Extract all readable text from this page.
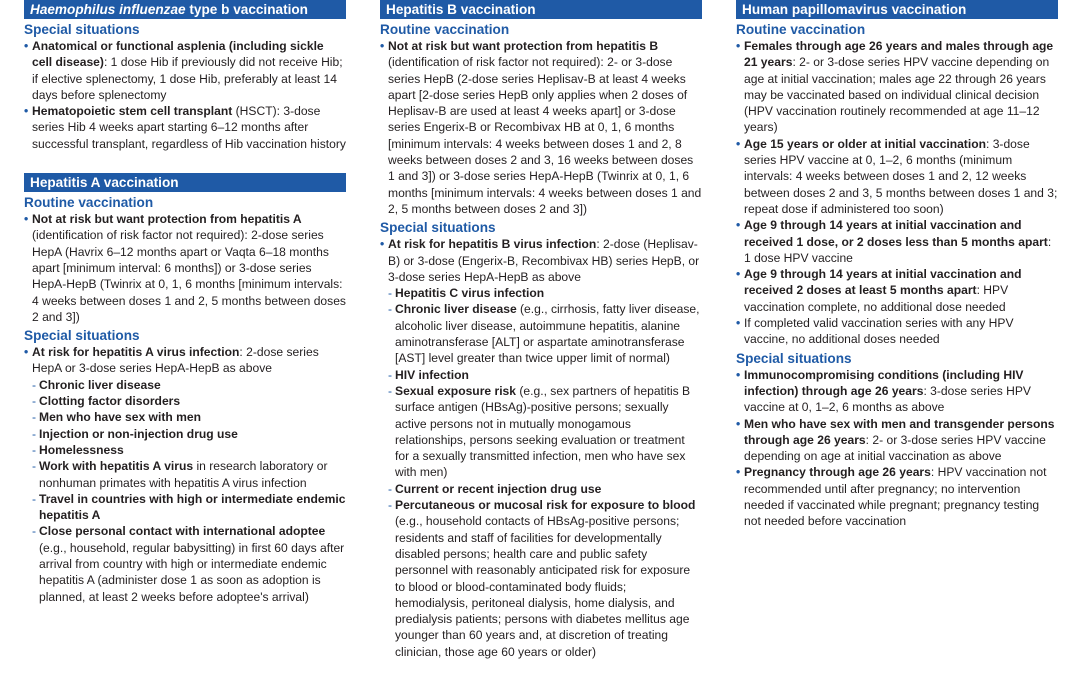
Haemophilus influenzae type b vaccination
Special situations
• Anatomical or functional asplenia (including sickle cell disease): 1 dose Hib if previously did not receive Hib; if elective splenectomy, 1 dose Hib, preferably at least 14 days before splenectomy
• Hematopoietic stem cell transplant (HSCT): 3-dose series Hib 4 weeks apart starting 6–12 months after successful transplant, regardless of Hib vaccination history
Hepatitis A vaccination
Routine vaccination
• Not at risk but want protection from hepatitis A (identification of risk factor not required): 2-dose series HepA (Havrix 6–12 months apart or Vaqta 6–18 months apart [minimum interval: 6 months]) or 3-dose series HepA-HepB (Twinrix at 0, 1, 6 months [minimum intervals: 4 weeks between doses 1 and 2, 5 months between doses 2 and 3])
Special situations
• At risk for hepatitis A virus infection: 2-dose series HepA or 3-dose series HepA-HepB as above
- Chronic liver disease
- Clotting factor disorders
- Men who have sex with men
- Injection or non-injection drug use
- Homelessness
- Work with hepatitis A virus in research laboratory or nonhuman primates with hepatitis A virus infection
- Travel in countries with high or intermediate endemic hepatitis A
- Close personal contact with international adoptee (e.g., household, regular babysitting) in first 60 days after arrival from country with high or intermediate endemic hepatitis A (administer dose 1 as soon as adoption is planned, at least 2 weeks before adoptee's arrival)
Hepatitis B vaccination
Routine vaccination
• Not at risk but want protection from hepatitis B (identification of risk factor not required): 2- or 3-dose series HepB (2-dose series Heplisav-B at least 4 weeks apart [2-dose series HepB only applies when 2 doses of Heplisav-B are used at least 4 weeks apart] or 3-dose series Engerix-B or Recombivax HB at 0, 1, 6 months [minimum intervals: 4 weeks between doses 1 and 2, 8 weeks between doses 2 and 3, 16 weeks between doses 1 and 3]) or 3-dose series HepA-HepB (Twinrix at 0, 1, 6 months [minimum intervals: 4 weeks between doses 1 and 2, 5 months between doses 2 and 3])
Special situations
• At risk for hepatitis B virus infection: 2-dose (Heplisav-B) or 3-dose (Engerix-B, Recombivax HB) series HepB, or 3-dose series HepA-HepB as above
- Hepatitis C virus infection
- Chronic liver disease (e.g., cirrhosis, fatty liver disease, alcoholic liver disease, autoimmune hepatitis, alanine aminotransferase [ALT] or aspartate aminotransferase [AST] level greater than twice upper limit of normal)
- HIV infection
- Sexual exposure risk (e.g., sex partners of hepatitis B surface antigen (HBsAg)-positive persons; sexually active persons not in mutually monogamous relationships, persons seeking evaluation or treatment for a sexually transmitted infection, men who have sex with men)
- Current or recent injection drug use
- Percutaneous or mucosal risk for exposure to blood (e.g., household contacts of HBsAg-positive persons; residents and staff of facilities for developmentally disabled persons; health care and public safety personnel with reasonably anticipated risk for exposure to blood or blood-contaminated body fluids; hemodialysis, peritoneal dialysis, home dialysis, and predialysis patients; persons with diabetes mellitus age younger than 60 years and, at discretion of treating clinician, those age 60 years or older)
Human papillomavirus vaccination
Routine vaccination
• Females through age 26 years and males through age 21 years: 2- or 3-dose series HPV vaccine depending on age at initial vaccination; males age 22 through 26 years may be vaccinated based on individual clinical decision (HPV vaccination routinely recommended at age 11–12 years)
• Age 15 years or older at initial vaccination: 3-dose series HPV vaccine at 0, 1–2, 6 months (minimum intervals: 4 weeks between doses 1 and 2, 12 weeks between doses 2 and 3, 5 months between doses 1 and 3; repeat dose if administered too soon)
• Age 9 through 14 years at initial vaccination and received 1 dose, or 2 doses less than 5 months apart: 1 dose HPV vaccine
• Age 9 through 14 years at initial vaccination and received 2 doses at least 5 months apart: HPV vaccination complete, no additional dose needed
• If completed valid vaccination series with any HPV vaccine, no additional doses needed
Special situations
• Immunocompromising conditions (including HIV infection) through age 26 years: 3-dose series HPV vaccine at 0, 1–2, 6 months as above
• Men who have sex with men and transgender persons through age 26 years: 2- or 3-dose series HPV vaccine depending on age at initial vaccination as above
• Pregnancy through age 26 years: HPV vaccination not recommended until after pregnancy; no intervention needed if vaccinated while pregnant; pregnancy testing not needed before vaccination
